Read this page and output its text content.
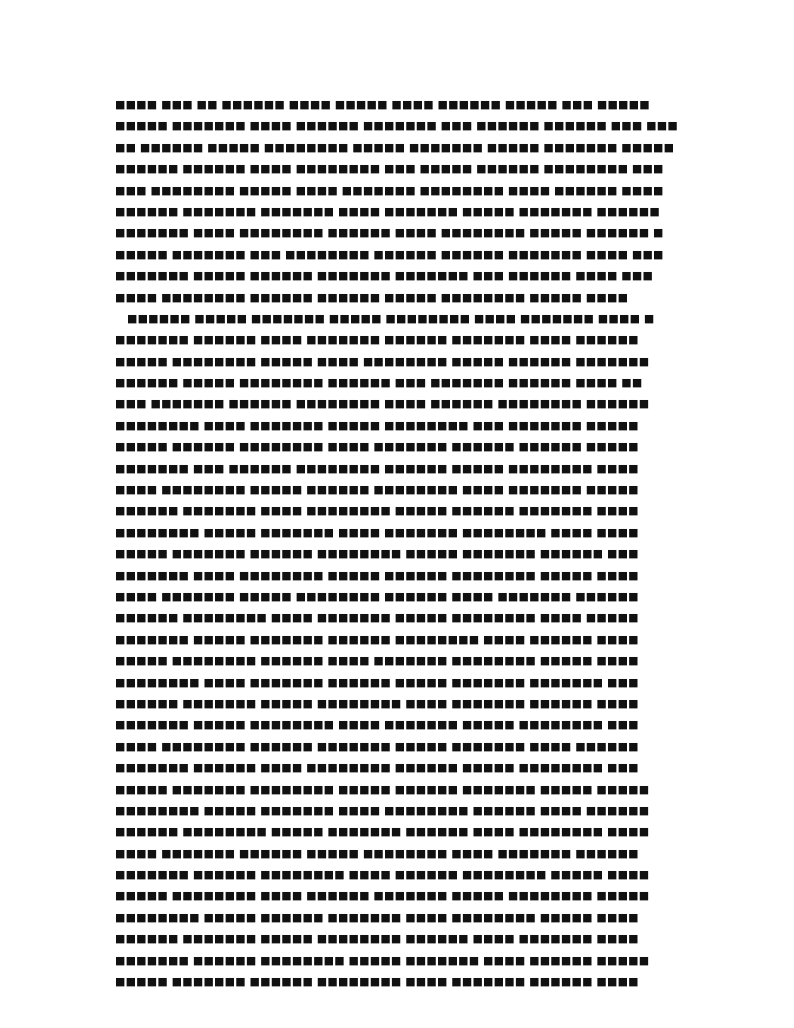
■■■■ ■■■ ■■ ■■■■■■ ■■■■ ■■■■■ ■■■■ ■■■■■■ ■■■■■ ■■■ ■■■■■
■■■■■ ■■■■■■■ ■■■■ ■■■■■■ ■■■■■■■ ■■■ ■■■■■■ ■■■■■■ ■■■ ■■■
■■ ■■■■■■ ■■■■■ ■■■■■■■■ ■■■■■ ■■■■■■■ ■■■■■ ■■■■■■■ ■■■■■
■■■■■■ ■■■■■■ ■■■■ ■■■■■■■■ ■■■ ■■■■■ ■■■■■■ ■■■■■■■■ ■■■
■■■ ■■■■■■■■ ■■■■■ ■■■■ ■■■■■■■ ■■■■■■■■ ■■■■ ■■■■■■ ■■■■
■■■■■■ ■■■■■■■ ■■■■■■■ ■■■■ ■■■■■■■ ■■■■■ ■■■■■■■ ■■■■■■
■■■■■■■ ■■■■ ■■■■■■■■ ■■■■■■ ■■■■ ■■■■■■■■ ■■■■■ ■■■■■■ ■
■■■■■ ■■■■■■■ ■■■ ■■■■■■■■ ■■■■■■ ■■■■■■ ■■■■■■■ ■■■■ ■■■
■■■■■■■ ■■■■■ ■■■■■■ ■■■■■■■ ■■■■■■■ ■■■ ■■■■■■ ■■■■ ■■■
■■■■ ■■■■■■■■ ■■■■■■ ■■■■■■ ■■■■■ ■■■■■■■■ ■■■■■ ■■■■
■■■■■■ ■■■■■ ■■■■■■■ ■■■■■ ■■■■■■■■ ■■■■ ■■■■■■■ ■■■■ ■
■■■■■■■ ■■■■■■ ■■■■ ■■■■■■■ ■■■■■■ ■■■■■■■ ■■■■ ■■■■■■
■■■■■ ■■■■■■■■ ■■■■■ ■■■■ ■■■■■■■■ ■■■■■ ■■■■■■ ■■■■■■■
■■■■■■ ■■■■■ ■■■■■■■■ ■■■■■■ ■■■ ■■■■■■■ ■■■■■■ ■■■■ ■■
■■■ ■■■■■■■ ■■■■■■ ■■■■■■■■ ■■■■ ■■■■■■ ■■■■■■■■ ■■■■■■
■■■■■■■■ ■■■■ ■■■■■■■ ■■■■■ ■■■■■■■■ ■■■ ■■■■■■■ ■■■■■
■■■■■ ■■■■■■ ■■■■■■■■ ■■■■ ■■■■■■■ ■■■■■■ ■■■■■■ ■■■■■
■■■■■■■ ■■■ ■■■■■■ ■■■■■■■■ ■■■■■■ ■■■■■ ■■■■■■■■ ■■■■
■■■■ ■■■■■■■■ ■■■■■ ■■■■■■ ■■■■■■■■ ■■■■ ■■■■■■■ ■■■■■
■■■■■■ ■■■■■■■ ■■■■ ■■■■■■■■ ■■■■■ ■■■■■■ ■■■■■■■ ■■■■
■■■■■■■■ ■■■■■ ■■■■■■■ ■■■■ ■■■■■■■ ■■■■■■■■ ■■■■ ■■■■
■■■■■ ■■■■■■■ ■■■■■■ ■■■■■■■■ ■■■■■ ■■■■■■■ ■■■■■■ ■■■
■■■■■■■ ■■■■ ■■■■■■■■ ■■■■■ ■■■■■■ ■■■■■■■■ ■■■■■ ■■■■
■■■■ ■■■■■■■ ■■■■■ ■■■■■■■■ ■■■■■■ ■■■■ ■■■■■■■ ■■■■■■
■■■■■■ ■■■■■■■■ ■■■■ ■■■■■■■ ■■■■■ ■■■■■■■■ ■■■■ ■■■■■
■■■■■■■ ■■■■■ ■■■■■■■ ■■■■■■ ■■■■■■■■ ■■■■ ■■■■■■ ■■■■
■■■■■ ■■■■■■■■ ■■■■■■ ■■■■ ■■■■■■■ ■■■■■■■■ ■■■■■ ■■■■
■■■■■■■■ ■■■■ ■■■■■■■ ■■■■■■ ■■■■■ ■■■■■■■ ■■■■■■■ ■■■
■■■■■■ ■■■■■■■ ■■■■■ ■■■■■■■■ ■■■■ ■■■■■■■ ■■■■■■ ■■■■
■■■■■■■ ■■■■■ ■■■■■■■■ ■■■■ ■■■■■■■ ■■■■■ ■■■■■■■■ ■■■
■■■■ ■■■■■■■■ ■■■■■■ ■■■■■■■ ■■■■■ ■■■■■■■ ■■■■ ■■■■■■
■■■■■■■ ■■■■■■ ■■■■ ■■■■■■■■ ■■■■■■ ■■■■■ ■■■■■■■■ ■■■
■■■■■ ■■■■■■■ ■■■■■■■■ ■■■■■ ■■■■■■ ■■■■■■■ ■■■■■ ■■■■■
■■■■■■■■ ■■■■■ ■■■■■■■ ■■■■ ■■■■■■■■ ■■■■■■ ■■■■ ■■■■■■
■■■■■■ ■■■■■■■■ ■■■■■ ■■■■■■■ ■■■■■■ ■■■■ ■■■■■■■■ ■■■■
■■■■ ■■■■■■■ ■■■■■■ ■■■■■ ■■■■■■■■ ■■■■ ■■■■■■■ ■■■■■■
■■■■■■■ ■■■■■■ ■■■■■■■■ ■■■■ ■■■■■■ ■■■■■■■■ ■■■■■ ■■■■
■■■■■ ■■■■■■■■ ■■■■ ■■■■■■ ■■■■■■■ ■■■■■ ■■■■■■■■ ■■■■■
■■■■■■■■ ■■■■■ ■■■■■■ ■■■■■■■ ■■■■ ■■■■■■■■ ■■■■■ ■■■■
■■■■■■ ■■■■■■■ ■■■■■ ■■■■■■■■ ■■■■■■ ■■■■ ■■■■■■■ ■■■■
■■■■■■■ ■■■■■■ ■■■■■■■■ ■■■■■ ■■■■■■■ ■■■■ ■■■■■■ ■■■■■
■■■■■ ■■■■■■■ ■■■■■■ ■■■■■■■■ ■■■■ ■■■■■■■ ■■■■■■ ■■■■
